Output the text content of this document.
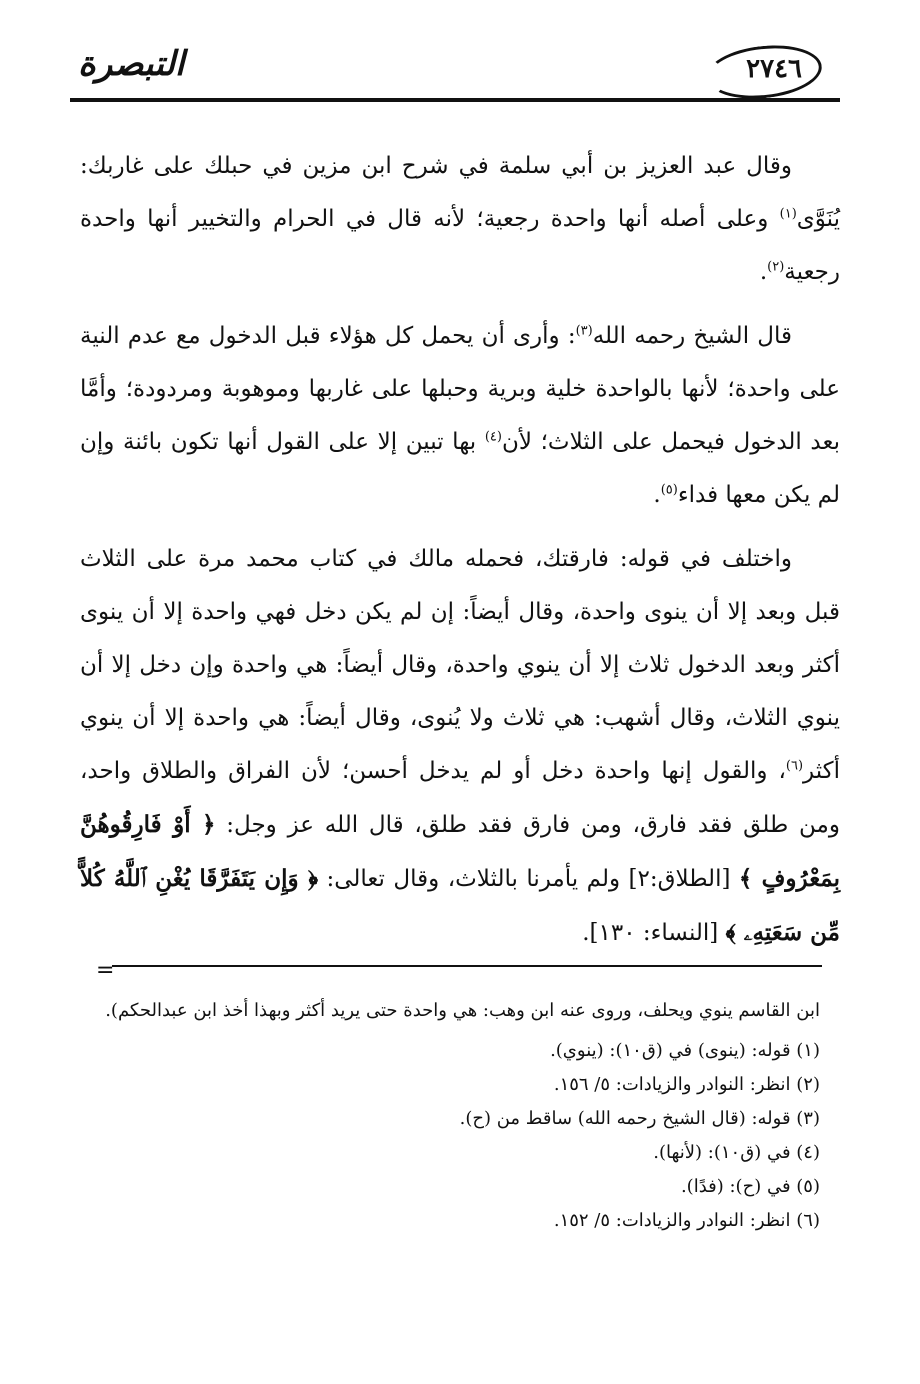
التبصرة	٢٧٤٦

وقال عبد العزيز بن أبي سلمة في شرح ابن مزين في حبلك على غاربك: يُنَوَّى$^{(١)}$ وعلى أصله أنها واحدة رجعية؛ لأنه قال في الحرام والتخيير أنها واحدة رجعية$^{(٢)}$.

قال الشيخ رحمه الله$^{(٣)}$: وأرى أن يحمل كل هؤلاء قبل الدخول مع عدم النية على واحدة؛ لأنها بالواحدة خلية وبرية وحبلها على غاربها وموهوبة ومردودة؛ وأمَّا بعد الدخول فيحمل على الثلاث؛ لأن$^{(٤)}$ بها تبين إلا على القول أنها تكون بائنة وإن لم يكن معها فداء$^{(٥)}$.

واختلف في قوله: فارقتك، فحمله مالك في كتاب محمد مرة على الثلاث قبل وبعد إلا أن ينوى واحدة، وقال أيضاً: إن لم يكن دخل فهي واحدة إلا أن ينوى أكثر وبعد الدخول ثلاث إلا أن ينوي واحدة، وقال أيضاً: هي واحدة وإن دخل إلا أن ينوي الثلاث، وقال أشهب: هي ثلاث ولا يُنوى، وقال أيضاً: هي واحدة إلا أن ينوي أكثر$^{(٦)}$، والقول إنها واحدة دخل أو لم يدخل أحسن؛ لأن الفراق والطلاق واحد، ومن طلق فقد فارق، ومن فارق فقد طلق، قال الله عز وجل: ﴿ أَوْ فَارِقُوهُنَّ بِمَعْرُوفٍ ﴾ [الطلاق:٢] ولم يأمرنا بالثلاث، وقال تعالى: ﴿ وَإِن يَتَفَرَّقَا يُغْنِ ٱللَّهُ كُلاًّ مِّن سَعَتِهِۦ ﴾ [النساء: ١٣٠].

=

ابن القاسم ينوي ويحلف، وروى عنه ابن وهب: هي واحدة حتى يريد أكثر وبهذا أخذ ابن عبدالحكم).

(١) قوله: (ينوى) في (ق١٠): (ينوي).

(٢) انظر: النوادر والزيادات: ٥/ ١٥٦.

(٣) قوله: (قال الشيخ رحمه الله) ساقط من (ح).

(٤) في (ق١٠): (لأنها).

(٥) في (ح): (فدًا).

(٦) انظر: النوادر والزيادات: ٥/ ١٥٢.
